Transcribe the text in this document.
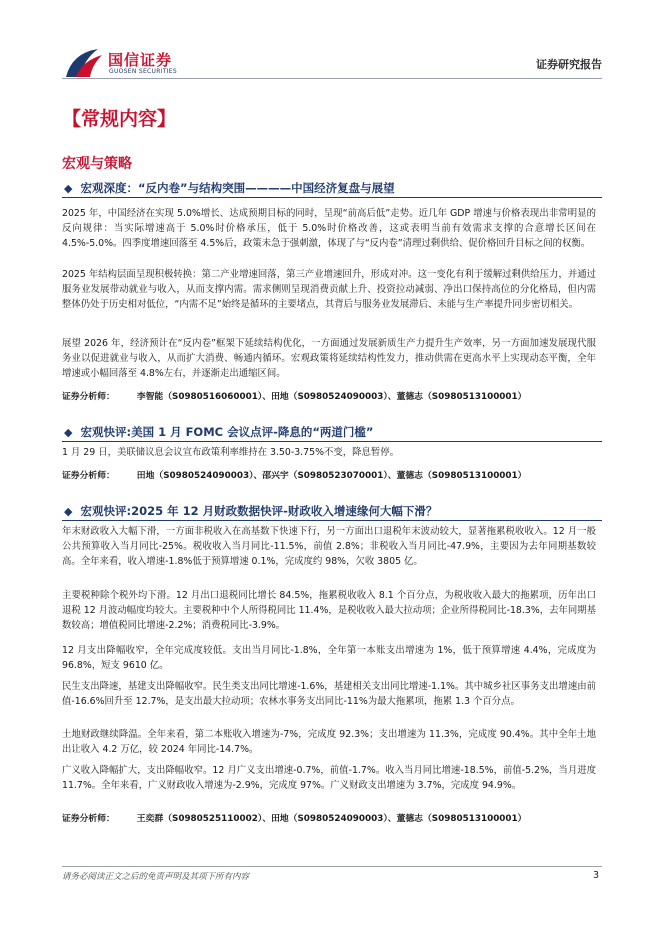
国信证券
GUOSEN SECURITIES
证券研究报告
【常规内容】
宏观与策略
◆ 宏观深度：“反内卷”与结构突围————中国经济复盘与展望
2025 年，中国经济在实现 5.0%增长、达成预期目标的同时，呈现“前高后低”走势。近几年 GDP 增速与价格表现出非常明显的反向规律：当实际增速高于 5.0%时价格承压，低于 5.0%时价格改善，这或表明当前有效需求支撑的合意增长区间在 4.5%-5.0%。四季度增速回落至 4.5%后，政策未急于强刺激，体现了与“反内卷”清理过剩供给、促价格回升目标之间的权衡。
2025 年结构层面呈现积极转换：第二产业增速回落，第三产业增速回升，形成对冲。这一变化有利于缓解过剩供给压力，并通过服务业发展带动就业与收入，从而支撑内需。需求侧则呈现消费贡献上升、投资拉动减弱、净出口保持高位的分化格局，但内需整体仍处于历史相对低位，“内需不足”始终是循环的主要堵点，其背后与服务业发展滞后、未能与生产率提升同步密切相关。
展望 2026 年，经济预计在“反内卷”框架下延续结构优化，一方面通过发展新质生产力提升生产效率，另一方面加速发展现代服务业以促进就业与收入，从而扩大消费、畅通内循环。宏观政策将延续结构性发力，推动供需在更高水平上实现动态平衡，全年增速或小幅回落至 4.8%左右，并逐渐走出通缩区间。
证券分析师：	李智能（S0980516060001）、田地（S0980524090003）、董德志（S0980513100001）
◆ 宏观快评:美国 1 月 FOMC 会议点评-降息的“两道门槛”
1 月 29 日，美联储议息会议宣布政策利率维持在 3.50-3.75%不变，降息暂停。
证券分析师：	田地（S0980524090003）、邵兴宇（S0980523070001）、董德志（S0980513100001）
◆ 宏观快评:2025 年 12 月财政数据快评-财政收入增速缘何大幅下滑？
年末财政收入大幅下滑，一方面非税收入在高基数下快速下行，另一方面出口退税年末波动较大，显著拖累税收收入。12 月一般公共预算收入当月同比-25%。税收收入当月同比-11.5%，前值 2.8%；非税收入当月同比-47.9%，主要因为去年同期基数较高。全年来看，收入增速-1.8%低于预算增速 0.1%，完成度约 98%，欠收 3805 亿。
主要税种除个税外均下滑。12 月出口退税同比增长 84.5%，拖累税收收入 8.1 个百分点，为税收收入最大的拖累项，历年出口退税 12 月波动幅度均较大。主要税种中个人所得税同比 11.4%，是税收收入最大拉动项；企业所得税同比-18.3%，去年同期基数较高；增值税同比增速-2.2%；消费税同比-3.9%。
12 月支出降幅收窄，全年完成度较低。支出当月同比-1.8%，全年第一本账支出增速为 1%，低于预算增速 4.4%，完成度为 96.8%，短支 9610 亿。
民生支出降速，基建支出降幅收窄。民生类支出同比增速-1.6%，基建相关支出同比增速-1.1%。其中城乡社区事务支出增速由前值-16.6%回升至 12.7%，是支出最大拉动项；农林水事务支出同比-11%为最大拖累项，拖累 1.3 个百分点。
土地财政继续降温。全年来看，第二本账收入增速为-7%，完成度 92.3%；支出增速为 11.3%，完成度 90.4%。其中全年土地出让收入 4.2 万亿，较 2024 年同比-14.7%。
广义收入降幅扩大，支出降幅收窄。12 月广义支出增速-0.7%，前值-1.7%。收入当月同比增速-18.5%，前值-5.2%，当月进度 11.7%。全年来看，广义财政收入增速为-2.9%，完成度 97%。广义财政支出增速为 3.7%，完成度 94.9%。
证券分析师：	王奕群（S0980525110002）、田地（S0980524090003）、董德志（S0980513100001）
请务必阅读正文之后的免责声明及其项下所有内容	3
